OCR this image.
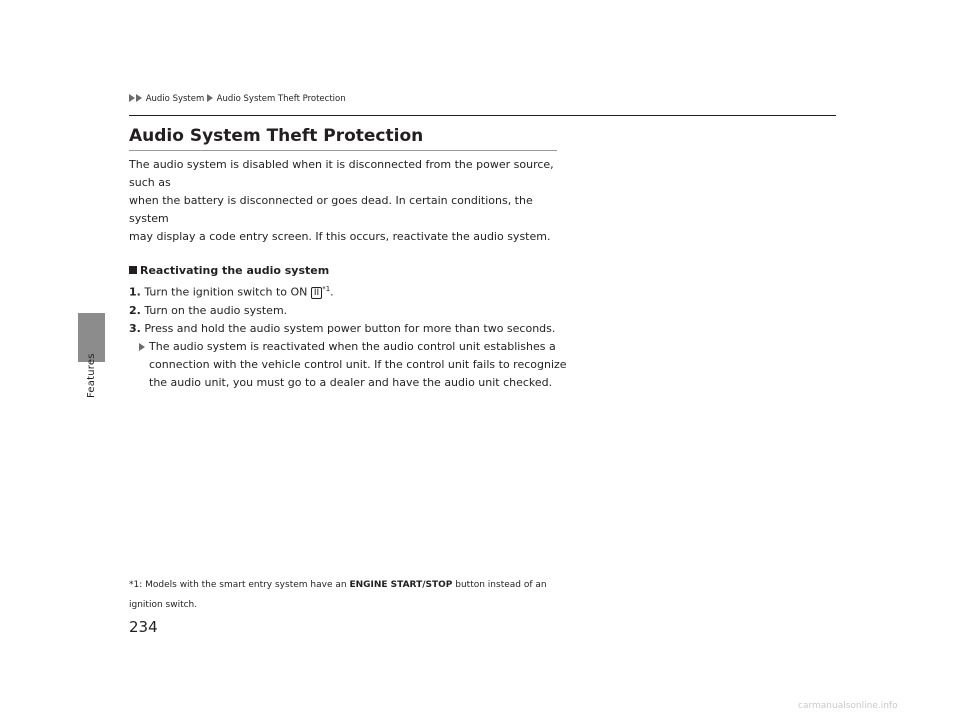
Features
Audio System Audio System Theft Protection
Audio System Theft Protection

The audio system is disabled when it is disconnected from the power source, such as
when the battery is disconnected or goes dead. In certain conditions, the system
may display a code entry screen. If this occurs, reactivate the audio system.

Reactivating the audio system

1. Turn the ignition switch to ON II $^{*1}$.

2. Turn on the audio system.

3. Press and hold the audio system power button for more than two seconds.

The audio system is reactivated when the audio control unit establishes a
connection with the vehicle control unit. If the control unit fails to recognize
the audio unit, you must go to a dealer and have the audio unit checked.

*1: Models with the smart entry system have an ENGINE START/STOP button instead of an
ignition switch.

234

carmanualsonline.info
